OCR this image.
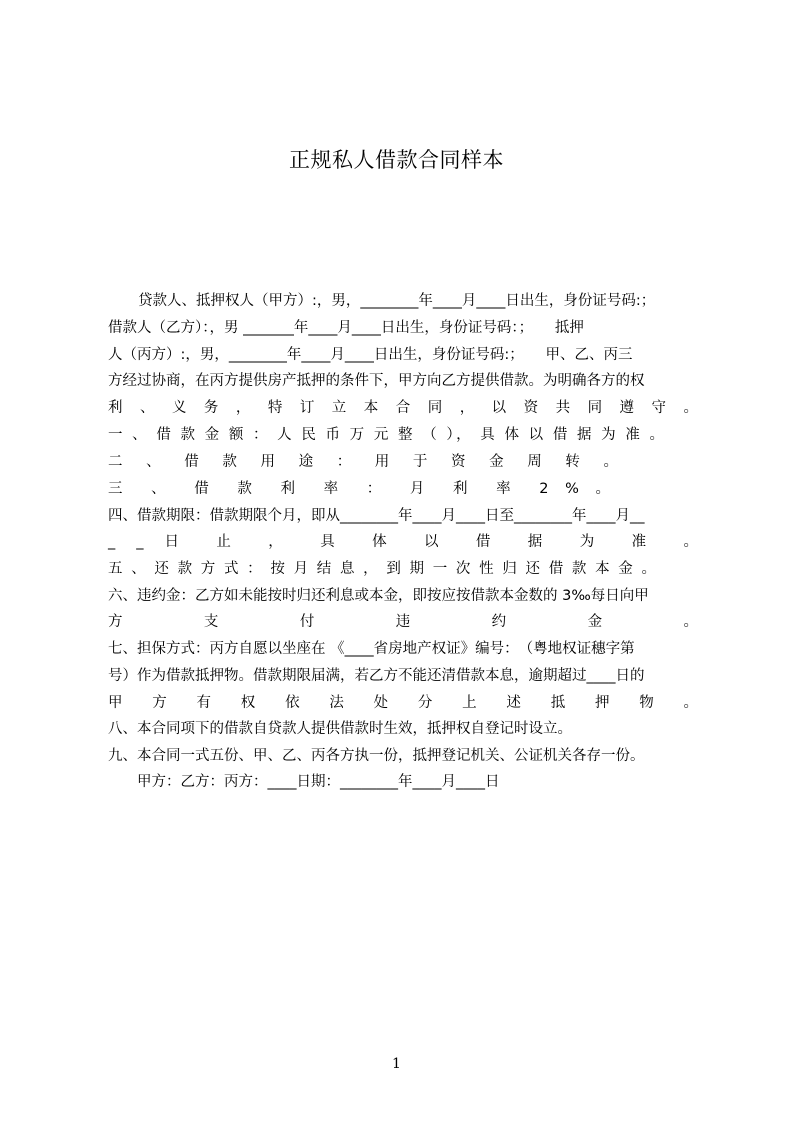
正规私人借款合同样本
贷款人、抵押权人（甲方）:，男，________年____月____日出生，身份证号码:；
借款人（乙方）：，男 _______年____月____日出生，身份证号码：；　　抵押
人（丙方）:，男，________年____月____日出生，身份证号码:；　　甲、乙、丙三
方经过协商，在丙方提供房产抵押的条件下，甲方向乙方提供借款。为明确各方的权
利 、 义 务 ， 特 订 立 本 合 同 ， 以 资 共 同 遵 守 。
一 、 借 款 金 额 ： 人 民 币 万 元 整 （ ）， 具 体 以 借 据 为 准 。
二 、 借 款 用 途 ： 用 于 资 金 周 转 。
三 、 借 款 利 率 ： 月 利 率 2 % 。
四、借款期限：借款期限个月，即从________年____月____日至________年____月__
_ _ 日 止 ， 具 体 以 借 据 为 准 。
五 、 还 款 方 式 ： 按 月 结 息 ， 到 期 一 次 性 归 还 借 款 本 金 。
六、违约金：乙方如未能按时归还利息或本金，即按应按借款本金数的 3‰每日向甲
方 支 付 违 约 金 。
七、担保方式：丙方自愿以坐座在 《____省房地产权证》编号：　（粤地权证穗字第
号）作为借款抵押物。借款期限届满，若乙方不能还清借款本息，逾期超过____日的
甲 方 有 权 依 法 处 分 上 述 抵 押 物 。
八、本合同项下的借款自贷款人提供借款时生效，抵押权自登记时设立。
九、本合同一式五份、甲、乙、丙各方执一份，抵押登记机关、公证机关各存一份。
甲方：乙方：丙方：____日期：________年____月____日
1
